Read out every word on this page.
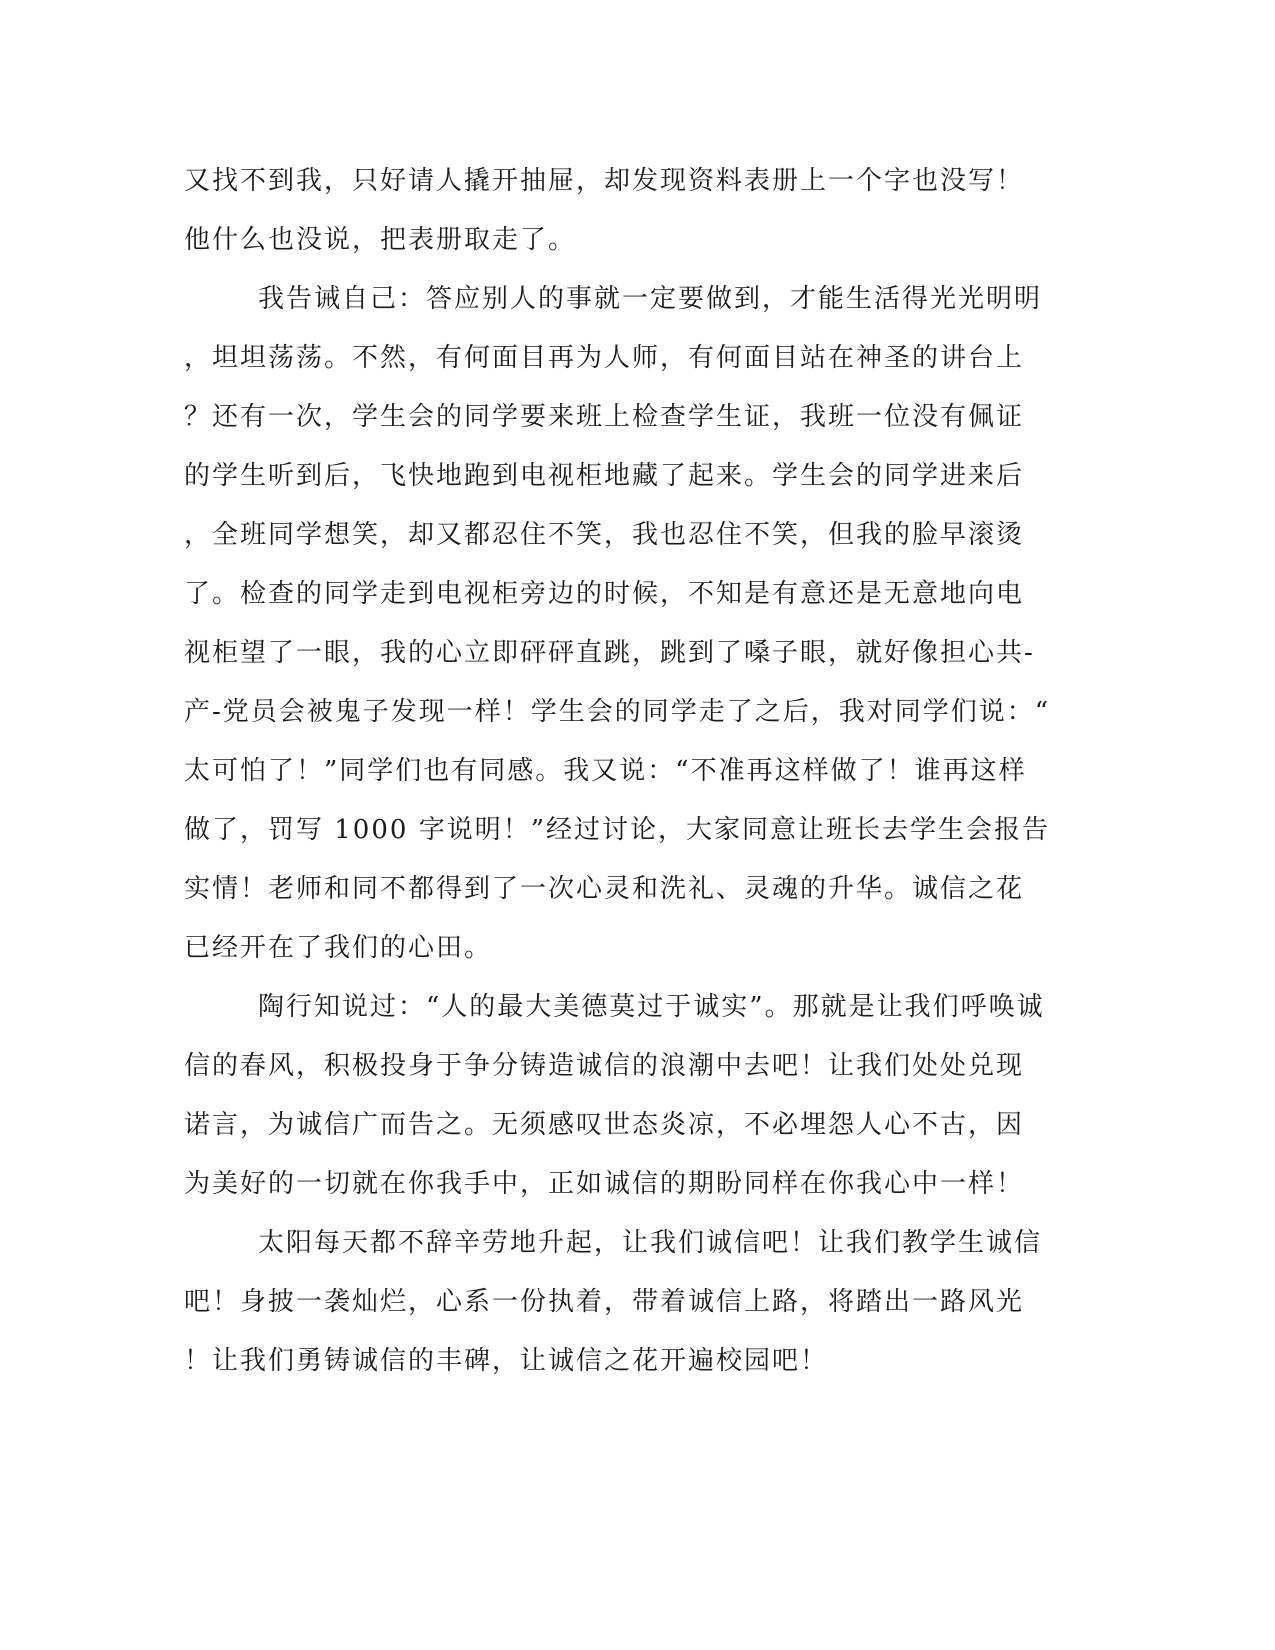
又找不到我，只好请人撬开抽屉，却发现资料表册上一个字也没写！
他什么也没说，把表册取走了。
我告诫自己：答应别人的事就一定要做到，才能生活得光光明明
，坦坦荡荡。不然，有何面目再为人师，有何面目站在神圣的讲台上
？还有一次，学生会的同学要来班上检查学生证，我班一位没有佩证
的学生听到后，飞快地跑到电视柜地藏了起来。学生会的同学进来后
，全班同学想笑，却又都忍住不笑，我也忍住不笑，但我的脸早滚烫
了。检查的同学走到电视柜旁边的时候，不知是有意还是无意地向电
视柜望了一眼，我的心立即砰砰直跳，跳到了嗓子眼，就好像担心共-
产-党员会被鬼子发现一样！学生会的同学走了之后，我对同学们说：“
太可怕了！”同学们也有同感。我又说：“不准再这样做了！谁再这样
做了，罚写 1000 字说明！”经过讨论，大家同意让班长去学生会报告
实情！老师和同不都得到了一次心灵和洗礼、灵魂的升华。诚信之花
已经开在了我们的心田。
陶行知说过：“人的最大美德莫过于诚实”。那就是让我们呼唤诚
信的春风，积极投身于争分铸造诚信的浪潮中去吧！让我们处处兑现
诺言，为诚信广而告之。无须感叹世态炎凉，不必埋怨人心不古，因
为美好的一切就在你我手中，正如诚信的期盼同样在你我心中一样！
太阳每天都不辞辛劳地升起，让我们诚信吧！让我们教学生诚信
吧！身披一袭灿烂，心系一份执着，带着诚信上路，将踏出一路风光
！让我们勇铸诚信的丰碑，让诚信之花开遍校园吧！
